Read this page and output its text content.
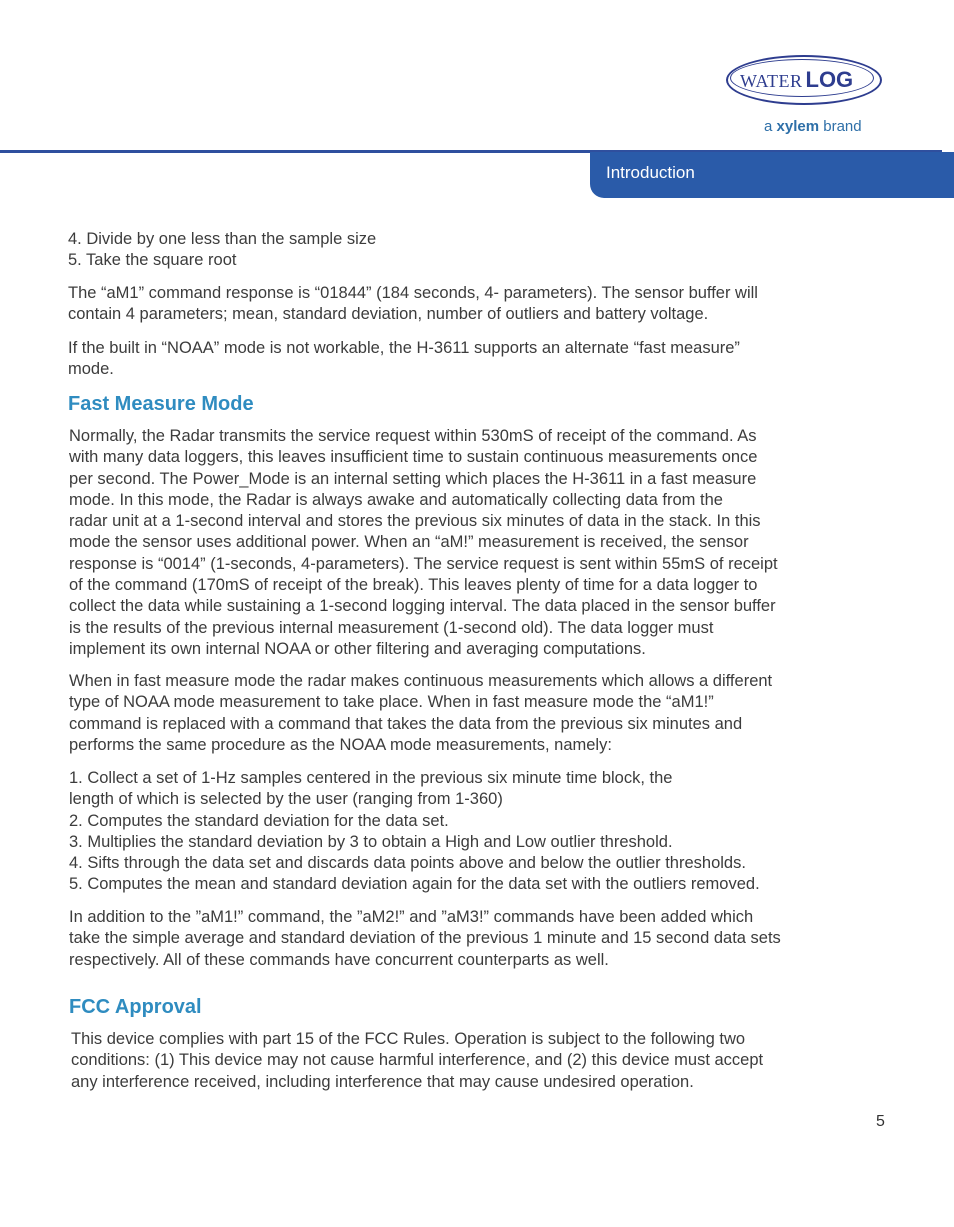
WATER LOG
a xylem brand
Introduction
4. Divide by one less than the sample size
5. Take the square root
The “aM1” command response is “01844” (184 seconds, 4- parameters). The sensor buffer will
contain 4 parameters; mean, standard deviation, number of outliers and battery voltage.
If the built in “NOAA” mode is not workable, the H-3611 supports an alternate “fast measure”
mode.
Fast Measure Mode
Normally, the Radar transmits the service request within 530mS of receipt of the command. As
with many data loggers, this leaves insufficient time to sustain continuous measurements once
per second. The Power_Mode is an internal setting which places the H-3611 in a fast measure
mode. In this mode, the Radar is always awake and automatically collecting data from the
radar unit at a 1-second interval and stores the previous six minutes of data in the stack. In this
mode the sensor uses additional power. When an “aM!” measurement is received, the sensor
response is “0014” (1-seconds, 4-parameters). The service request is sent within 55mS of receipt
of the command (170mS of receipt of the break). This leaves plenty of time for a data logger to
collect the data while sustaining a 1-second logging interval. The data placed in the sensor buffer
is the results of the previous internal measurement (1-second old). The data logger must
implement its own internal NOAA or other filtering and averaging computations.
When in fast measure mode the radar makes continuous measurements which allows a different
type of NOAA mode measurement to take place. When in fast measure mode the “aM1!”
command is replaced with a command that takes the data from the previous six minutes and
performs the same procedure as the NOAA mode measurements, namely:
1. Collect a set of 1-Hz samples centered in the previous six minute time block, the
length of which is selected by the user (ranging from 1-360)
2. Computes the standard deviation for the data set.
3. Multiplies the standard deviation by 3 to obtain a High and Low outlier threshold.
4. Sifts through the data set and discards data points above and below the outlier thresholds.
5. Computes the mean and standard deviation again for the data set with the outliers removed.
In addition to the ”aM1!” command, the ”aM2!” and ”aM3!” commands have been added which
take the simple average and standard deviation of the previous 1 minute and 15 second data sets
respectively. All of these commands have concurrent counterparts as well.
FCC Approval
This device complies with part 15 of the FCC Rules. Operation is subject to the following two
conditions: (1) This device may not cause harmful interference, and (2) this device must accept
any interference received, including interference that may cause undesired operation.
5
